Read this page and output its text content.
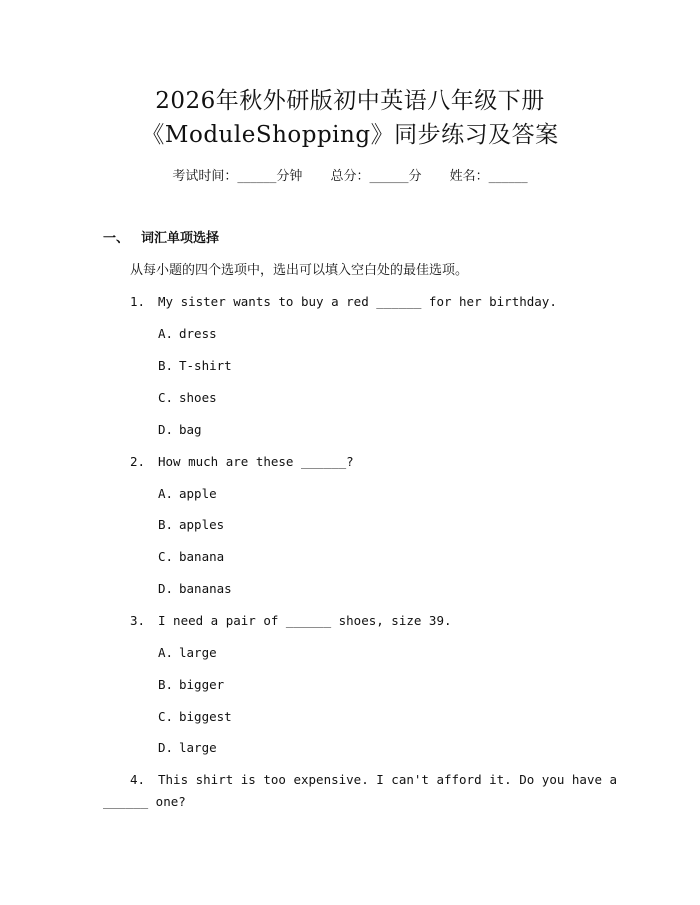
2026年秋外研版初中英语八年级下册
《ModuleShopping》同步练习及答案
考试时间：______分钟 总分：______分 姓名：______
一、 词汇单项选择
从每小题的四个选项中，选出可以填入空白处的最佳选项。
1. My sister wants to buy a red ______ for her birthday.
A. dress
B. T-shirt
C. shoes
D. bag
2. How much are these ______?
A. apple
B. apples
C. banana
D. bananas
3. I need a pair of ______ shoes, size 39.
A. large
B. bigger
C. biggest
D. large
4. This shirt is too expensive. I can't afford it. Do you have a
______ one?
